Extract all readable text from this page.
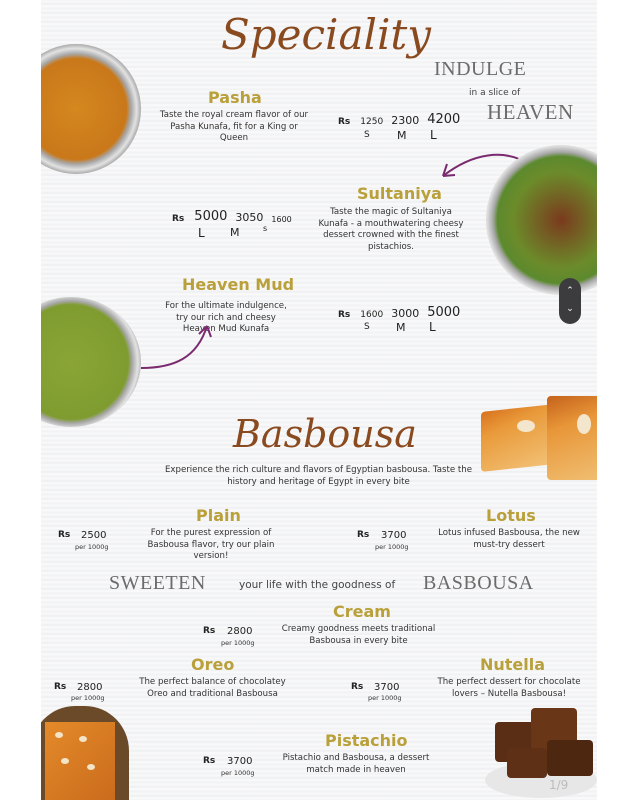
Speciality
INDULGE
in a slice of
HEAVEN
Pasha
Taste the royal cream flavor of our Pasha Kunafa, fit for a King or Queen
Rs 1250 2300 4200
S M L
Sultaniya
Taste the magic of Sultaniya Kunafa - a mouthwatering cheesy dessert crowned with the finest pistachios.
Rs 5000 3050 1600
L M	s
⌃
⌄
Heaven Mud
For the ultimate indulgence, try our rich and cheesy Heaven Mud Kunafa
Rs 1600 3000 5000
S M L
Basbousa
Experience the rich culture and flavors of Egyptian basbousa. Taste the history and heritage of Egypt in every bite
Plain
For the purest expression of Basbousa flavor, try our plain version!
Rs 2500
per 1000g
Lotus
Lotus infused Basbousa, the new must-try dessert
Rs 3700
per 1000g
SWEETEN	your life with the goodness of BASBOUSA
Cream
Creamy goodness meets traditional Basbousa in every bite
Rs 2800
per 1000g
Oreo
The perfect balance of chocolatey Oreo and traditional Basbousa
Rs 2800
per 1000g
Nutella
The perfect dessert for chocolate lovers – Nutella Basbousa!
Rs 3700
per 1000g
Pistachio
Pistachio and Basbousa, a dessert match made in heaven
Rs 3700
per 1000g
1/9
